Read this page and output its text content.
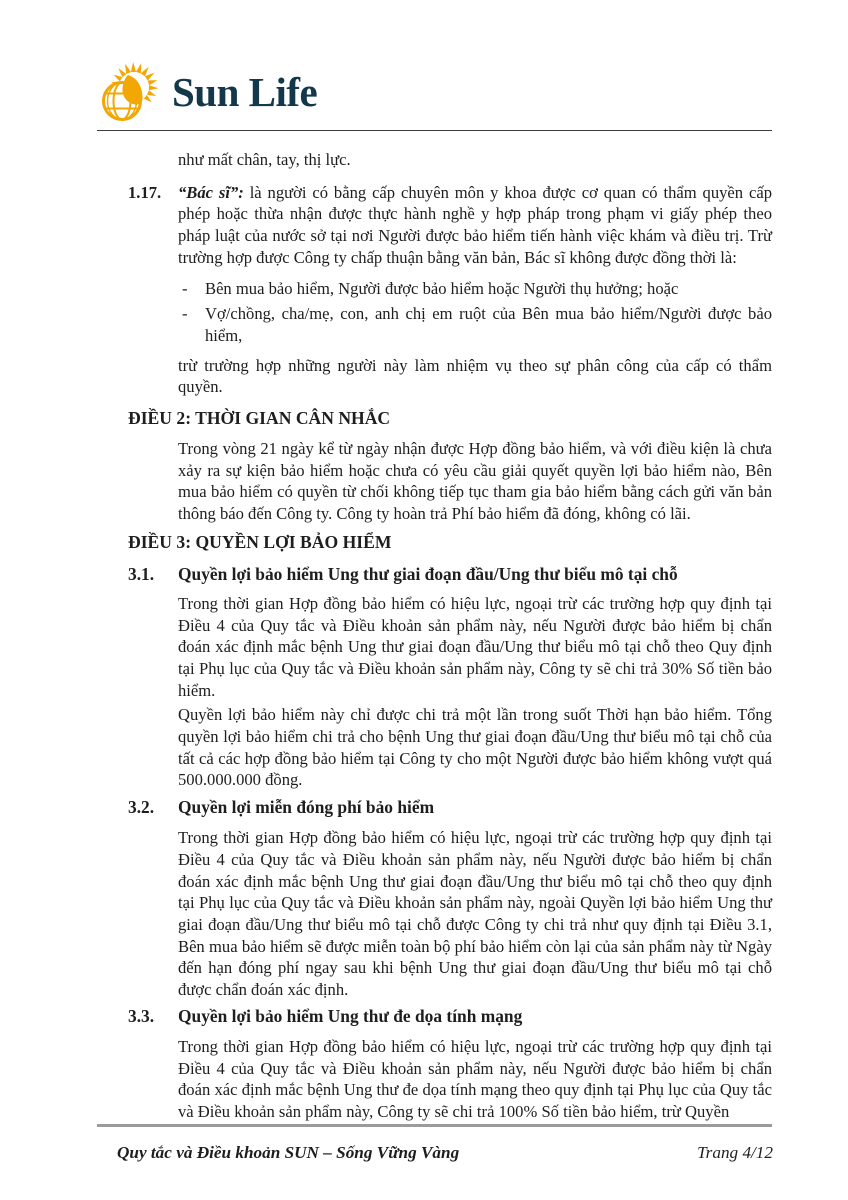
Sun Life
như mất chân, tay, thị lực.
1.17.	“Bác sĩ”: là người có bằng cấp chuyên môn y khoa được cơ quan có thẩm quyền cấp phép hoặc thừa nhận được thực hành nghề y hợp pháp trong phạm vi giấy phép theo pháp luật của nước sở tại nơi Người được bảo hiểm tiến hành việc khám và điều trị. Trừ trường hợp được Công ty chấp thuận bằng văn bản, Bác sĩ không được đồng thời là:
-	Bên mua bảo hiểm, Người được bảo hiểm hoặc Người thụ hưởng; hoặc
-	Vợ/chồng, cha/mẹ, con, anh chị em ruột của Bên mua bảo hiểm/Người được bảo hiểm,
trừ trường hợp những người này làm nhiệm vụ theo sự phân công của cấp có thẩm quyền.
ĐIỀU 2: THỜI GIAN CÂN NHẮC
Trong vòng 21 ngày kể từ ngày nhận được Hợp đồng bảo hiểm, và với điều kiện là chưa xảy ra sự kiện bảo hiểm hoặc chưa có yêu cầu giải quyết quyền lợi bảo hiểm nào, Bên mua bảo hiểm có quyền từ chối không tiếp tục tham gia bảo hiểm bằng cách gửi văn bản thông báo đến Công ty. Công ty hoàn trả Phí bảo hiểm đã đóng, không có lãi.
ĐIỀU 3: QUYỀN LỢI BẢO HIỂM
3.1.	Quyền lợi bảo hiểm Ung thư giai đoạn đầu/Ung thư biểu mô tại chỗ
Trong thời gian Hợp đồng bảo hiểm có hiệu lực, ngoại trừ các trường hợp quy định tại Điều 4 của Quy tắc và Điều khoản sản phẩm này, nếu Người được bảo hiểm bị chẩn đoán xác định mắc bệnh Ung thư giai đoạn đầu/Ung thư biểu mô tại chỗ theo Quy định tại Phụ lục của Quy tắc và Điều khoản sản phẩm này, Công ty sẽ chi trả 30% Số tiền bảo hiểm.
Quyền lợi bảo hiểm này chỉ được chi trả một lần trong suốt Thời hạn bảo hiểm. Tổng quyền lợi bảo hiểm chi trả cho bệnh Ung thư giai đoạn đầu/Ung thư biểu mô tại chỗ của tất cả các hợp đồng bảo hiểm tại Công ty cho một Người được bảo hiểm không vượt quá 500.000.000 đồng.
3.2.	Quyền lợi miễn đóng phí bảo hiểm
Trong thời gian Hợp đồng bảo hiểm có hiệu lực, ngoại trừ các trường hợp quy định tại Điều 4 của Quy tắc và Điều khoản sản phẩm này, nếu Người được bảo hiểm bị chẩn đoán xác định mắc bệnh Ung thư giai đoạn đầu/Ung thư biểu mô tại chỗ theo quy định tại Phụ lục của Quy tắc và Điều khoản sản phẩm này, ngoài Quyền lợi bảo hiểm Ung thư giai đoạn đầu/Ung thư biểu mô tại chỗ được Công ty chi trả như quy định tại Điều 3.1, Bên mua bảo hiểm sẽ được miễn toàn bộ phí bảo hiểm còn lại của sản phẩm này từ Ngày đến hạn đóng phí ngay sau khi bệnh Ung thư giai đoạn đầu/Ung thư biểu mô tại chỗ được chẩn đoán xác định.
3.3.	Quyền lợi bảo hiểm Ung thư đe dọa tính mạng
Trong thời gian Hợp đồng bảo hiểm có hiệu lực, ngoại trừ các trường hợp quy định tại Điều 4 của Quy tắc và Điều khoản sản phẩm này, nếu Người được bảo hiểm bị chẩn đoán xác định mắc bệnh Ung thư đe dọa tính mạng theo quy định tại Phụ lục của Quy tắc và Điều khoản sản phẩm này, Công ty sẽ chi trả 100% Số tiền bảo hiểm, trừ Quyền
Quy tắc và Điều khoản SUN – Sống Vững Vàng	Trang 4/12
